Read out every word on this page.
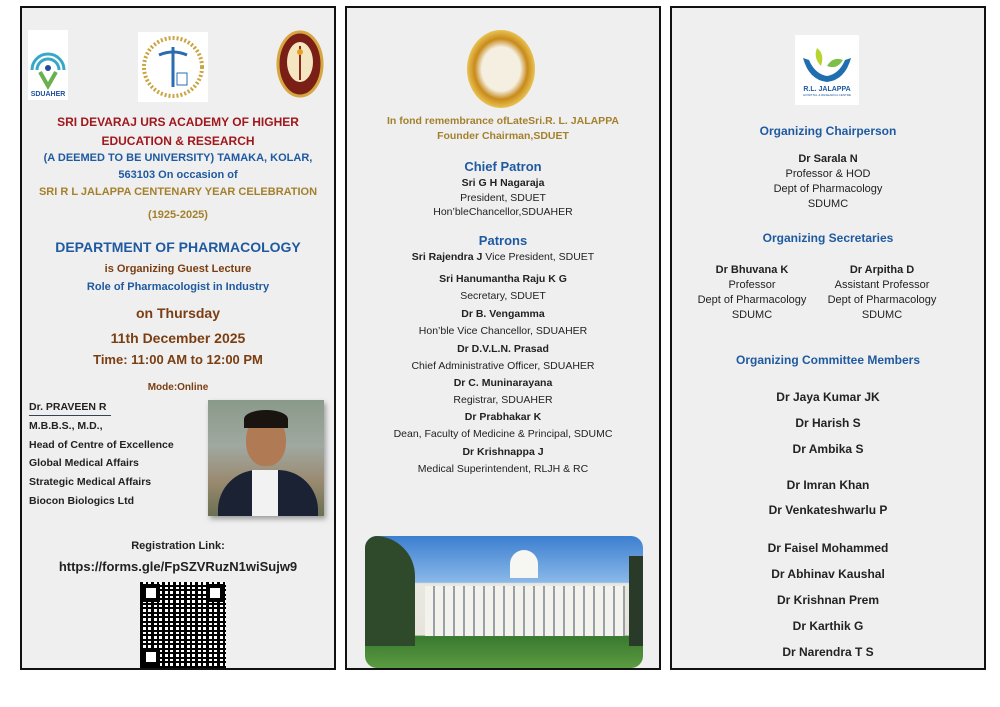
SDUAHER
SRI DEVARAJ URS ACADEMY OF HIGHER
EDUCATION & RESEARCH
(A DEEMED TO BE UNIVERSITY) TAMAKA, KOLAR,
563103 On occasion of
SRI R L JALAPPA CENTENARY YEAR CELEBRATION
(1925-2025)
DEPARTMENT OF PHARMACOLOGY
is Organizing Guest Lecture
Role of Pharmacologist in Industry
on Thursday
11th December 2025
Time: 11:00 AM to 12:00 PM
Mode:Online
Dr. PRAVEEN R
M.B.B.S., M.D.,
Head of Centre of Excellence
Global Medical Affairs
Strategic Medical Affairs
Biocon Biologics Ltd
Registration Link:
https://forms.gle/FpSZVRuzN1wiSujw9
In fond remembrance ofLateSri.R. L. JALAPPA
Founder Chairman,SDUET
Chief Patron
Sri G H Nagaraja
President, SDUET
Hon’bleChancellor,SDUAHER
Patrons
Sri Rajendra J Vice President, SDUET
Sri Hanumantha Raju K G
Secretary, SDUET
Dr B. Vengamma
Hon’ble Vice Chancellor, SDUAHER
Dr D.V.L.N. Prasad
Chief Administrative Officer, SDUAHER
Dr C. Muninarayana
Registrar, SDUAHER
Dr Prabhakar K
Dean, Faculty of Medicine & Principal, SDUMC
Dr Krishnappa J
Medical Superintendent, RLJH & RC
R.L. JALAPPA
HOSPITAL & RESEARCH CENTRE
Organizing Chairperson
Dr Sarala N
Professor & HOD
Dept of Pharmacology
SDUMC
Organizing Secretaries
Dr Bhuvana K
Professor
Dept of Pharmacology
SDUMC
Dr Arpitha D
Assistant Professor
Dept of Pharmacology
SDUMC
Organizing Committee Members
Dr Jaya Kumar JK
Dr Harish S
Dr Ambika S
Dr Imran Khan
Dr Venkateshwarlu P
Dr Faisel Mohammed
Dr Abhinav Kaushal
Dr Krishnan Prem
Dr Karthik G
Dr Narendra T S
